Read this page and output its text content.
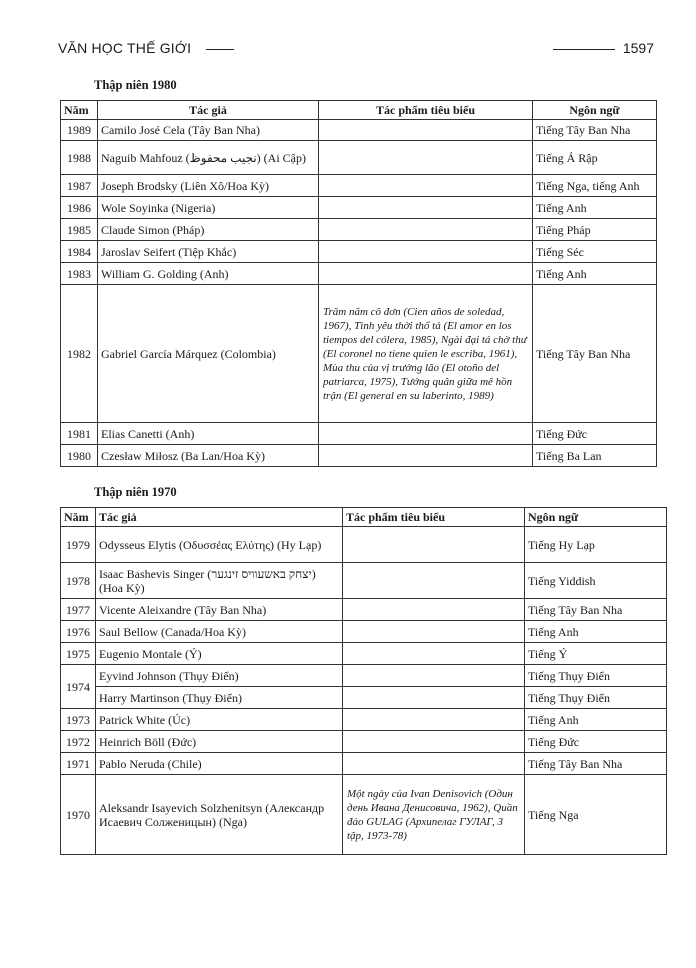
VĂN HỌC THẾ GIỚI	1597
Thập niên 1980
Năm	Tác giả	Tác phẩm tiêu biểu	Ngôn ngữ
1989	Camilo José Cela (Tây Ban Nha)		Tiếng Tây Ban Nha
1988	Naguib Mahfouz (نجيب محفوظ) (Ai Cập)		Tiếng Ả Rập
1987	Joseph Brodsky (Liên Xô/Hoa Kỳ)		Tiếng Nga, tiếng Anh
1986	Wole Soyinka (Nigeria)		Tiếng Anh
1985	Claude Simon (Pháp)		Tiếng Pháp
1984	Jaroslav Seifert (Tiệp Khắc)		Tiếng Séc
1983	William G. Golding (Anh)		Tiếng Anh
1982	Gabriel García Márquez (Colombia)	Trăm năm cô đơn (Cien años de soledad, 1967), Tình yêu thời thổ tả (El amor en los tiempos del cólera, 1985), Ngài đại tá chờ thư (El coronel no tiene quien le escriba, 1961), Mùa thu của vị trưởng lão (El otoño del patriarca, 1975), Tướng quân giữa mê hồn trận (El general en su laberinto, 1989)	Tiếng Tây Ban Nha
1981	Elias Canetti (Anh)		Tiếng Đức
1980	Czesław Miłosz (Ba Lan/Hoa Kỳ)		Tiếng Ba Lan
Thập niên 1970
Năm	Tác giả	Tác phẩm tiêu biểu	Ngôn ngữ
1979	Odysseus Elytis (Οδυσσέας Ελύτης) (Hy Lạp)		Tiếng Hy Lạp
1978	Isaac Bashevis Singer (יצחק באשעוויס זינגער) (Hoa Kỳ)		Tiếng Yiddish
1977	Vicente Aleixandre (Tây Ban Nha)		Tiếng Tây Ban Nha
1976	Saul Bellow (Canada/Hoa Kỳ)		Tiếng Anh
1975	Eugenio Montale (Ý)		Tiếng Ý
1974	Eyvind Johnson (Thụy Điển)		Tiếng Thụy Điển
	Harry Martinson (Thụy Điển)		Tiếng Thụy Điển
1973	Patrick White (Úc)		Tiếng Anh
1972	Heinrich Böll (Đức)		Tiếng Đức
1971	Pablo Neruda (Chile)		Tiếng Tây Ban Nha
1970	Aleksandr Isayevich Solzhenitsyn (Александр Исаевич Солженицын) (Nga)	Một ngày của Ivan Denisovich (Один день Ивана Денисовича, 1962), Quần đảo GULAG (Архипелаг ГУЛАГ, 3 tập, 1973-78)	Tiếng Nga
